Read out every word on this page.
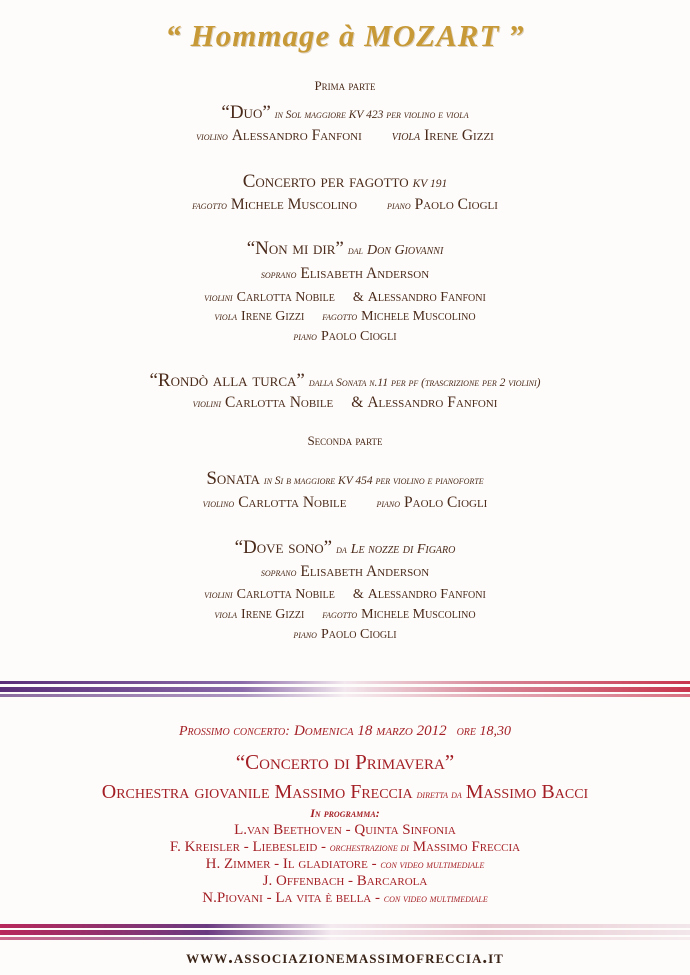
“ Hommage à MOZART ”
Prima parte
“Duo” in Sol maggiore KV 423 per violino e viola
violino Alessandro Fanfoni viola Irene Gizzi
Concerto per fagotto KV 191
fagotto Michele Muscolino	piano Paolo Ciogli
“Non mi dir” dal Don Giovanni
soprano Elisabeth Anderson
violini Carlotta Nobile & Alessandro Fanfoni
viola Irene Gizzi fagotto Michele Muscolino
piano Paolo Ciogli
“Rondò alla turca” dalla Sonata n.11 per pf (trascrizione per 2 violini)
violini Carlotta Nobile & Alessandro Fanfoni
Seconda parte
Sonata in Si b maggiore KV 454 per violino e pianoforte
violino Carlotta Nobile	piano Paolo Ciogli
“Dove sono” da Le nozze di Figaro
soprano Elisabeth Anderson
violini Carlotta Nobile & Alessandro Fanfoni
viola Irene Gizzi fagotto Michele Muscolino
piano Paolo Ciogli
Prossimo concerto: Domenica 18 marzo 2012 ore 18,30
“Concerto di Primavera”
Orchestra giovanile Massimo Freccia diretta da Massimo Bacci
In programma:
L.van Beethoven - Quinta Sinfonia
F. Kreisler - Liebesleid - orchestrazione di Massimo Freccia
H. Zimmer - Il gladiatore - con video multimediale
J. Offenbach - Barcarola
N.Piovani - La vita è bella - con video multimediale
www.associazionemassimofreccia.it
